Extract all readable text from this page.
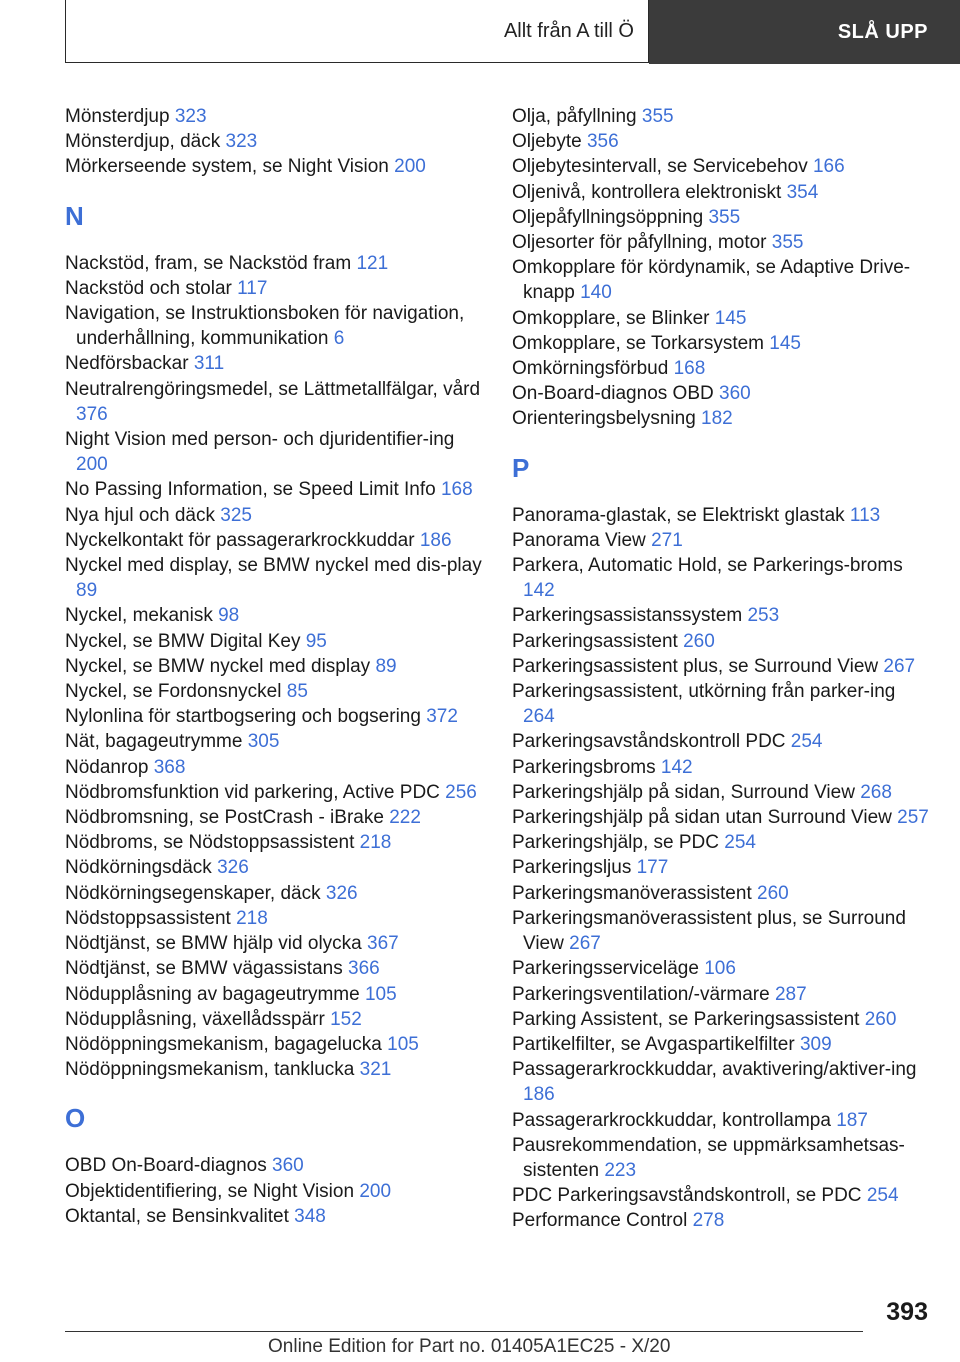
Allt från A till Ö	SLÅ UPP

Mönsterdjup 323

Mönsterdjup, däck 323

Mörkerseende system, se Night Vision 200

N

Nackstöd, fram, se Nackstöd fram 121

Nackstöd och stolar 117

Navigation, se Instruktionsboken för navigation, underhållning, kommunikation 6

Nedförsbackar 311

Neutralrengöringsmedel, se Lättmetallfälgar, vård 376

Night Vision med person- och djuridentifier-ing 200

No Passing Information, se Speed Limit Info 168

Nya hjul och däck 325

Nyckelkontakt för passagerarkrockkuddar 186

Nyckel med display, se BMW nyckel med dis-play 89

Nyckel, mekanisk 98

Nyckel, se BMW Digital Key 95

Nyckel, se BMW nyckel med display 89

Nyckel, se Fordonsnyckel 85

Nylonlina för startbogsering och bogsering 372

Nät, bagageutrymme 305

Nödanrop 368

Nödbromsfunktion vid parkering, Active PDC 256

Nödbromsning, se PostCrash - iBrake 222

Nödbroms, se Nödstoppsassistent 218

Nödkörningsdäck 326

Nödkörningsegenskaper, däck 326

Nödstoppsassistent 218

Nödtjänst, se BMW hjälp vid olycka 367

Nödtjänst, se BMW vägassistans 366

Nödupplåsning av bagageutrymme 105

Nödupplåsning, växellådsspärr 152

Nödöppningsmekanism, bagagelucka 105

Nödöppningsmekanism, tanklucka 321

O

OBD On-Board-diagnos 360

Objektidentifiering, se Night Vision 200

Oktantal, se Bensinkvalitet 348

Olja, påfyllning 355

Oljebyte 356

Oljebytesintervall, se Servicebehov 166

Oljenivå, kontrollera elektroniskt 354

Oljepåfyllningsöppning 355

Oljesorter för påfyllning, motor 355

Omkopplare för kördynamik, se Adaptive Drive-knapp 140

Omkopplare, se Blinker 145

Omkopplare, se Torkarsystem 145

Omkörningsförbud 168

On-Board-diagnos OBD 360

Orienteringsbelysning 182

P

Panorama-glastak, se Elektriskt glastak 113

Panorama View 271

Parkera, Automatic Hold, se Parkerings-broms 142

Parkeringsassistanssystem 253

Parkeringsassistent 260

Parkeringsassistent plus, se Surround View 267

Parkeringsassistent, utkörning från parker-ing 264

Parkeringsavståndskontroll PDC 254

Parkeringsbroms 142

Parkeringshjälp på sidan, Surround View 268

Parkeringshjälp på sidan utan Surround View 257

Parkeringshjälp, se PDC 254

Parkeringsljus 177

Parkeringsmanöverassistent 260

Parkeringsmanöverassistent plus, se Surround View 267

Parkeringsserviceläge 106

Parkeringsventilation/-värmare 287

Parking Assistent, se Parkeringsassistent 260

Partikelfilter, se Avgaspartikelfilter 309

Passagerarkrockkuddar, avaktivering/aktiver-ing 186

Passagerarkrockkuddar, kontrollampa 187

Pausrekommendation, se uppmärksamhetsas-sistenten 223

PDC Parkeringsavståndskontroll, se PDC 254

Performance Control 278

393
Online Edition for Part no. 01405A1EC25 - X/20
